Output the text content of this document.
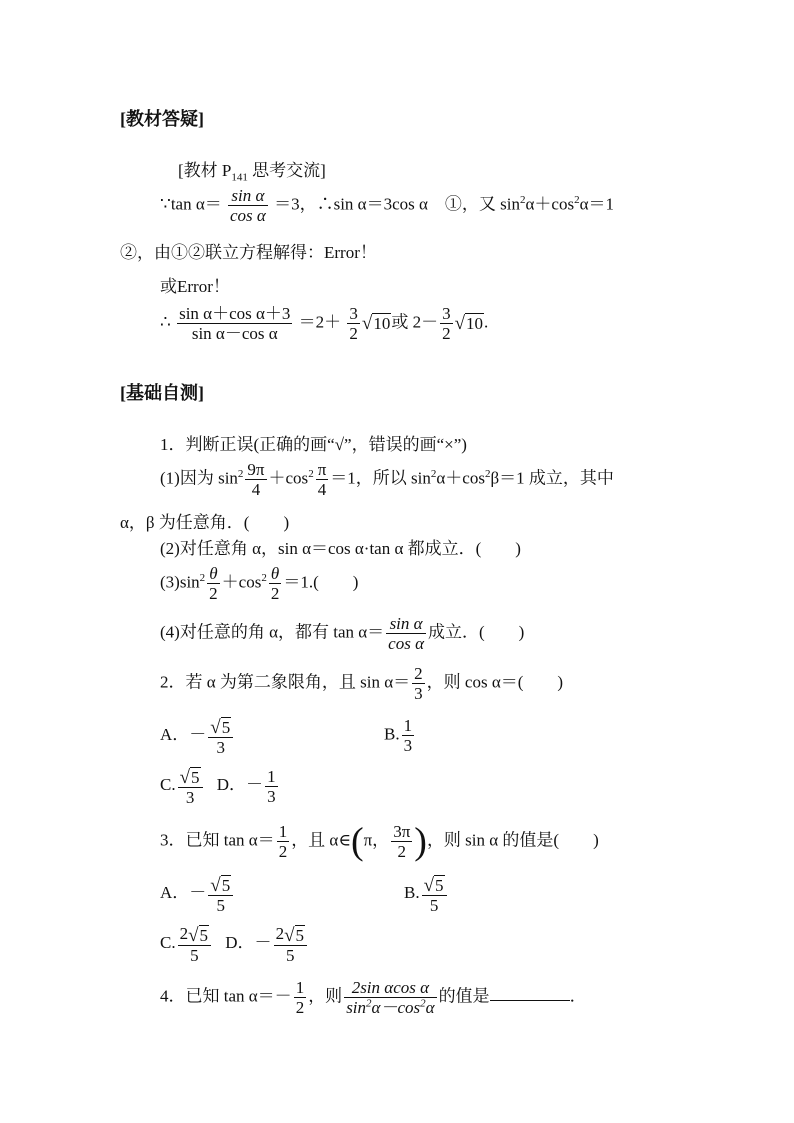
[教材答疑]
[教材 $P_{141}$ 思考交流]
∵tan $\alpha= \frac{\text{sin α}}{\text{cos α}} =3$，∴sin α＝3cos α　①，又 $\sin^2\alpha+\cos^2\alpha=1$
②，由①②联立方程解得：Error！
或Error！
∴ $\frac{\text{sin α＋cos α＋3}}{\text{sin α－cos α}} =2+ \frac{3}{2} √10$或 $2- \frac{3}{2} √10$.
[基础自测]
1．判断正误(正确的画“√”，错误的画“×”)
(1)因为 $\sin^2 \frac{9\pi}{4} +\cos^2 \frac{\pi}{4} =1$，所以 $\sin^2\alpha+\cos^2\beta=1$ 成立，其中
α，β 为任意角．(　　)
(2)对任意角 α，sin α＝cos α·tan α 都成立．(　　)
$(3)\sin^2 \frac{\theta}{2} +\cos^2 \frac{\theta}{2} =1$.(　　)
(4)对任意的角 α，都有 $\tan \alpha= \frac{\text{sin α}}{\text{cos α}}$ 成立．(　　)
2．若 α 为第二象限角，且 $\sin \alpha= \frac{2}{3}$ ，则 cos α＝(　　)
A．－ $\frac{√5}{3}$	B. $\frac{1}{3}$
C. $\frac{√5}{3}$ D．－ $\frac{1}{3}$
3．已知 $\tan \alpha= \frac{1}{2}$ ，且 α∈(π， $\frac{3\pi}{2}$ )，则 sin α 的值是(　　)
A．－ $\frac{√5}{5}$	B. $\frac{√5}{5}$
C. $\frac{2√5}{5}$ D．－ $\frac{2√5}{5}$
4．已知 $\tan \alpha=- \frac{1}{2}$ ，则 $\frac{\text{2sin αcos α}}{\sin^2\alpha-\cos^2\alpha}$ 的值是	．
